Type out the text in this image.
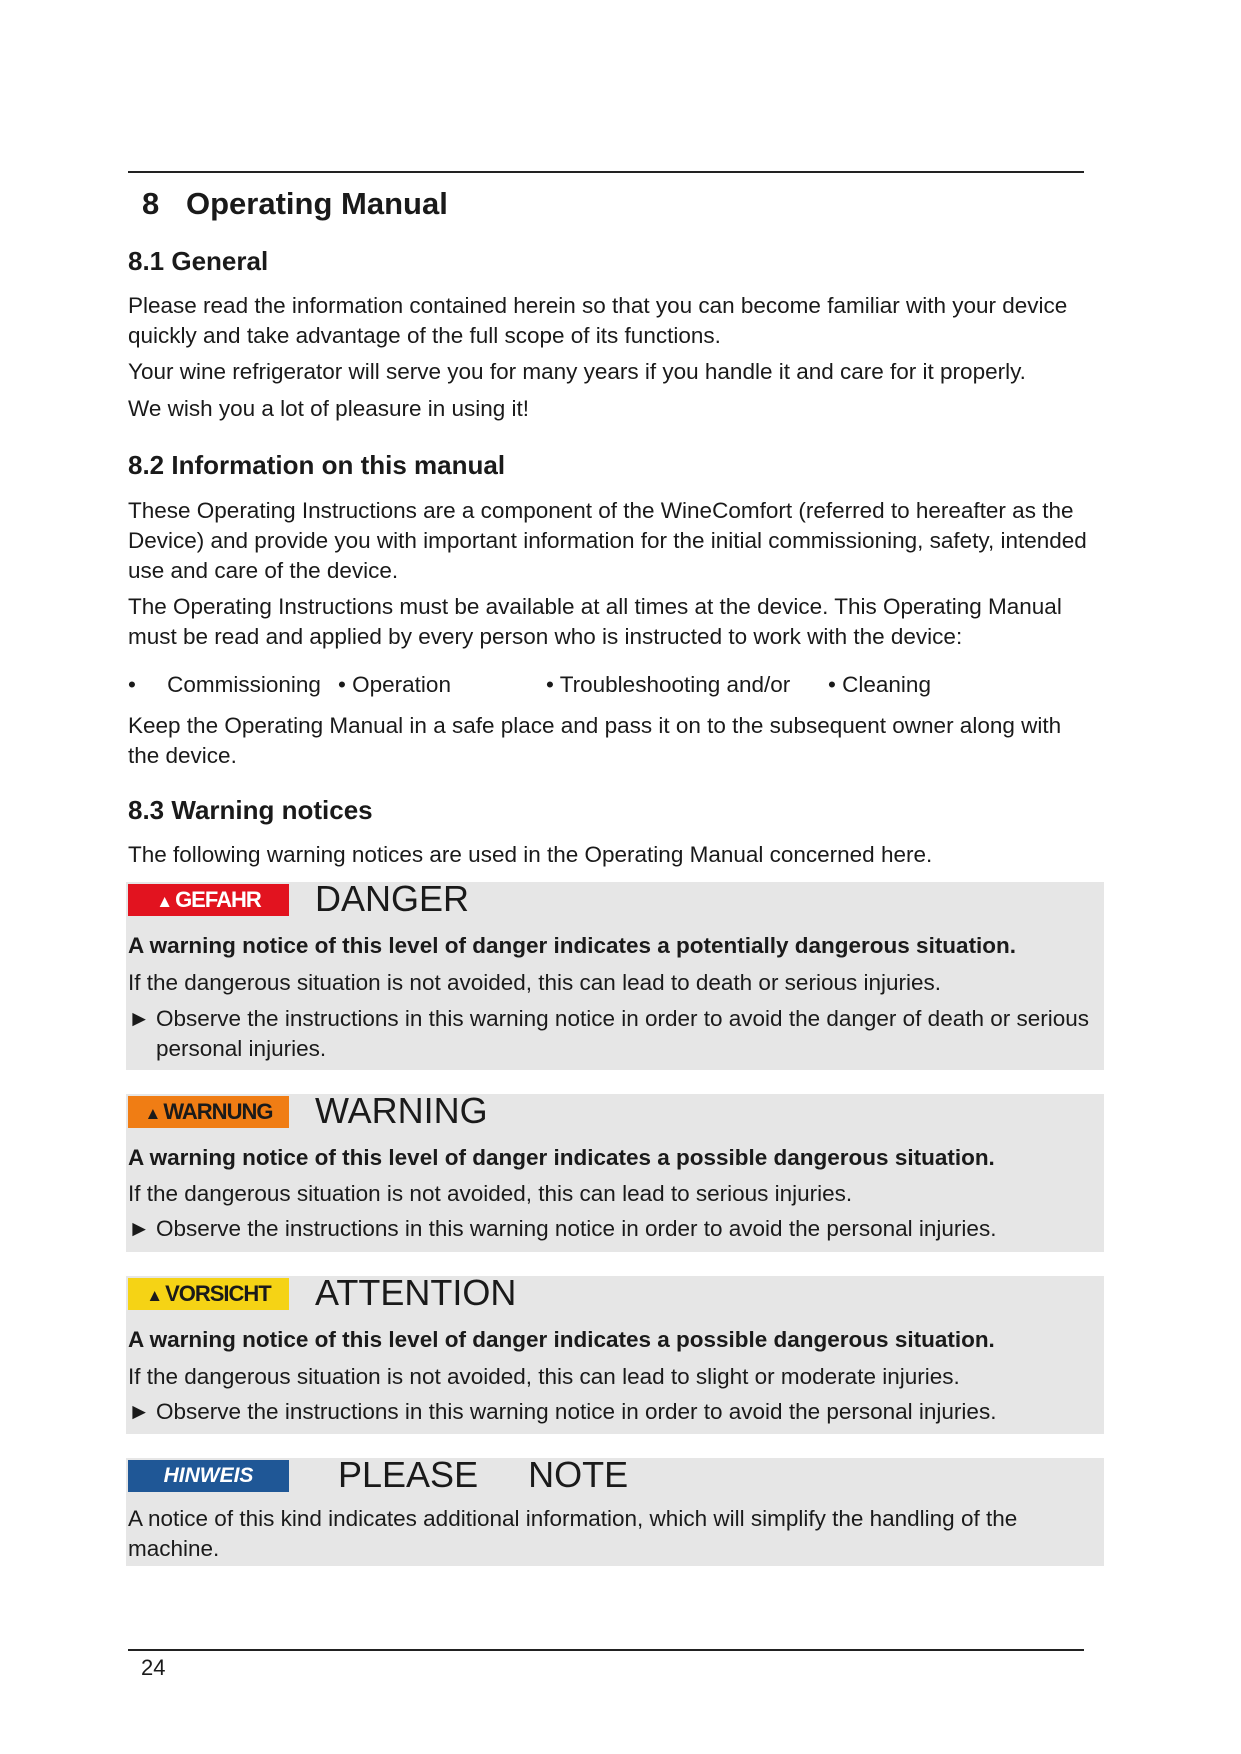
8 Operating Manual
8.1 General

Please read the information contained herein so that you can become familiar with your device quickly and take advantage of the full scope of its functions.

Your wine refrigerator will serve you for many years if you handle it and care for it properly.

We wish you a lot of pleasure in using it!

8.2 Information on this manual

These Operating Instructions are a component of the WineComfort (referred to hereafter as the Device) and provide you with important information for the initial commissioning, safety, intended use and care of the device.

The Operating Instructions must be available at all times at the device. This Operating Manual must be read and applied by every person who is instructed to work with the device:

•     Commissioning • Operation	• Troubleshooting and/or • Cleaning

Keep the Operating Manual in a safe place and pass it on to the subsequent owner along with the device.

8.3 Warning notices

The following warning notices are used in the Operating Manual concerned here.

▲GEFAHR	DANGER
A warning notice of this level of danger indicates a potentially dangerous situation.
If the dangerous situation is not avoided, this can lead to death or serious injuries.
► Observe the instructions in this warning notice in order to avoid the danger of death or serious personal injuries.
▲WARNUNG	WARNING
A warning notice of this level of danger indicates a possible dangerous situation.
If the dangerous situation is not avoided, this can lead to serious injuries.
► Observe the instructions in this warning notice in order to avoid the personal injuries.
▲VORSICHT	ATTENTION
A warning notice of this level of danger indicates a possible dangerous situation.
If the dangerous situation is not avoided, this can lead to slight or moderate injuries.
► Observe the instructions in this warning notice in order to avoid the personal injuries.
HINWEIS	PLEASE     NOTE
A notice of this kind indicates additional information, which will simplify the handling of the machine.
24
